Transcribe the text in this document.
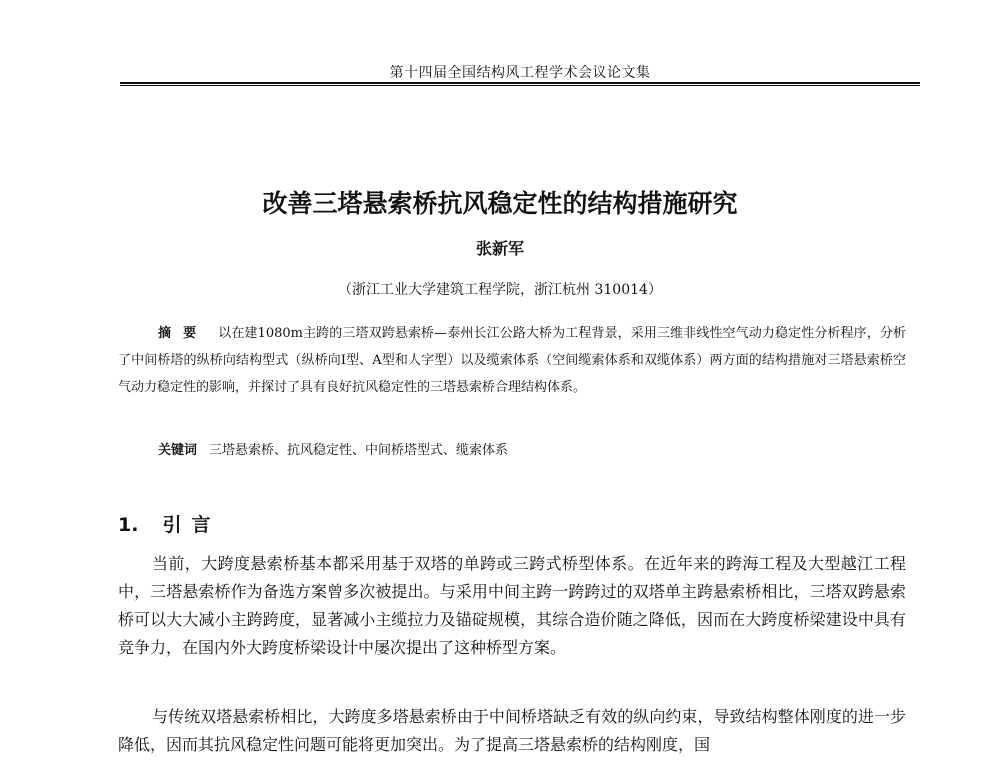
第十四届全国结构风工程学术会议论文集
改善三塔悬索桥抗风稳定性的结构措施研究
张新军
（浙江工业大学建筑工程学院，浙江杭州 310014）
摘要 以在建1080m主跨的三塔双跨悬索桥—泰州长江公路大桥为工程背景，采用三维非线性空气动力稳定性分析程序，分析了中间桥塔的纵桥向结构型式（纵桥向I型、A型和人字型）以及缆索体系（空间缆索体系和双缆体系）两方面的结构措施对三塔悬索桥空气动力稳定性的影响，并探讨了具有良好抗风稳定性的三塔悬索桥合理结构体系。
关键词 三塔悬索桥、抗风稳定性、中间桥塔型式、缆索体系
1. 引言
当前，大跨度悬索桥基本都采用基于双塔的单跨或三跨式桥型体系。在近年来的跨海工程及大型越江工程中，三塔悬索桥作为备选方案曾多次被提出。与采用中间主跨一跨跨过的双塔单主跨悬索桥相比，三塔双跨悬索桥可以大大减小主跨跨度，显著减小主缆拉力及锚碇规模，其综合造价随之降低，因而在大跨度桥梁建设中具有竞争力，在国内外大跨度桥梁设计中屡次提出了这种桥型方案。
与传统双塔悬索桥相比，大跨度多塔悬索桥由于中间桥塔缺乏有效的纵向约束，导致结构整体刚度的进一步降低，因而其抗风稳定性问题可能将更加突出。为了提高三塔悬索桥的结构刚度，国
